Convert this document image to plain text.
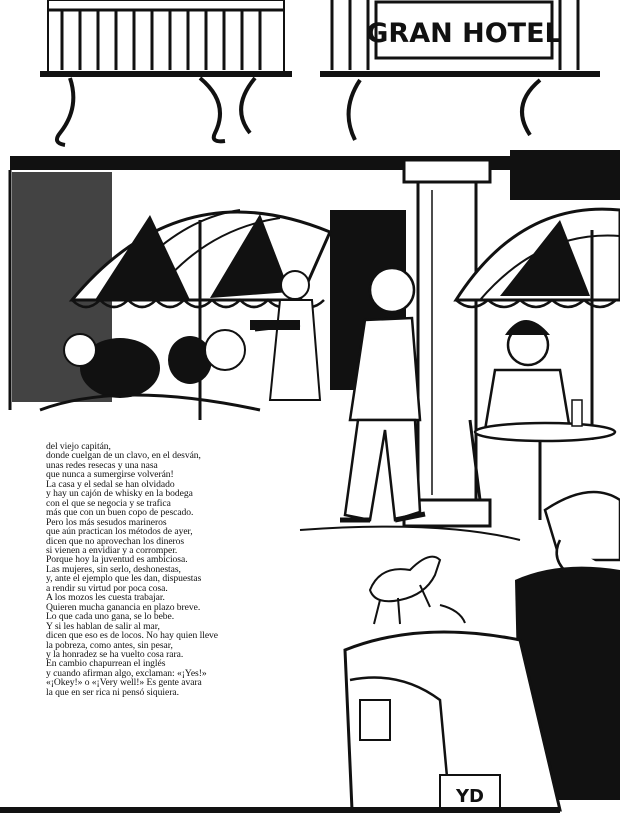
GRAN HOTEL
YD
del viejo capitán,
donde cuelgan de un clavo, en el desván,
unas redes resecas y una nasa
que nunca a sumergirse volverán!
La casa y el sedal se han olvidado
y hay un cajón de whisky en la bodega
con el que se negocia y se trafica
más que con un buen copo de pescado.
Pero los más sesudos marineros
que aún practican los métodos de ayer,
dicen que no aprovechan los dineros
si vienen a envidiar y a corromper.
Porque hoy la juventud es ambiciosa.
Las mujeres, sin serlo, deshonestas,
y, ante el ejemplo que les dan, dispuestas
a rendir su virtud por poca cosa.
A los mozos les cuesta trabajar.
Quieren mucha ganancia en plazo breve.
Lo que cada uno gana, se lo bebe.
Y si les hablan de salir al mar,
dicen que eso es de locos. No hay quien lleve
la pobreza, como antes, sin pesar,
y la honradez se ha vuelto cosa rara.
En cambio chapurrean el inglés
y cuando afirman algo, exclaman: «¡Yes!»
«¡Okey!» o «¡Very well!» Es gente avara
la que en ser rica ni pensó siquiera.
